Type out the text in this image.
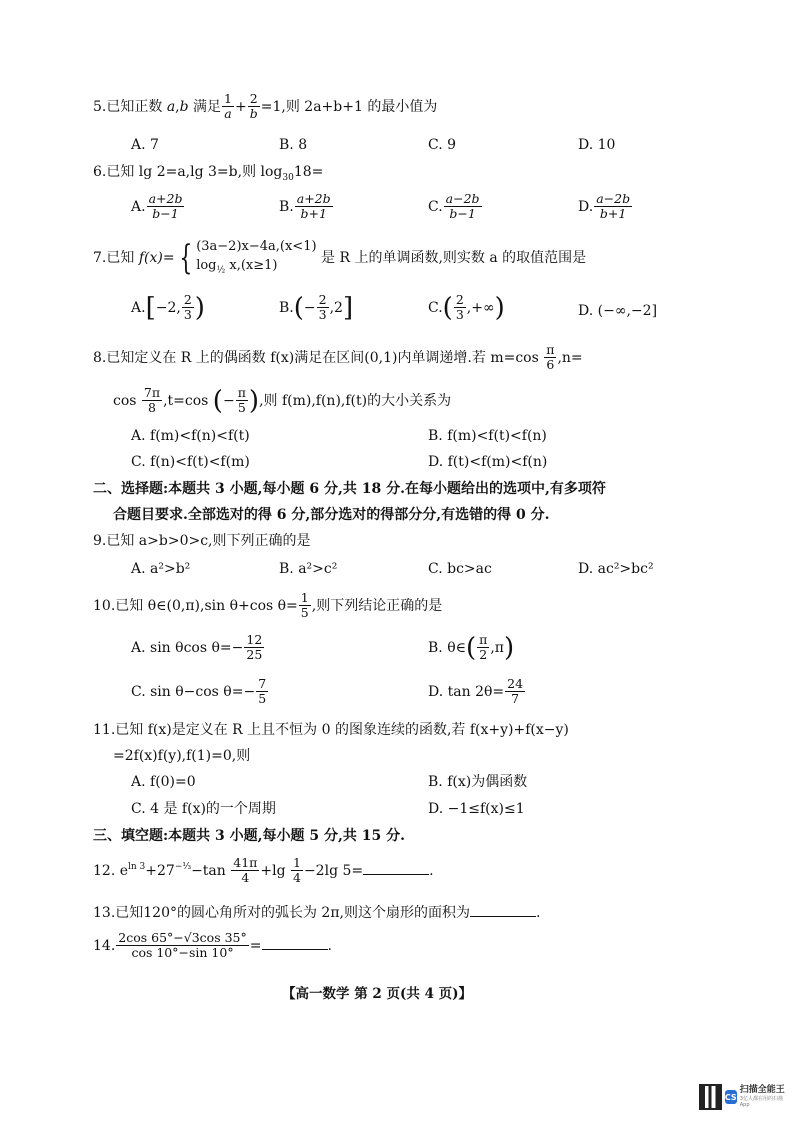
5.已知正数 a,b 满足 $\frac{1}{a} + \frac{2}{b} =1$,则 2a+b+1 的最小值为
A. 7	B. 8	C. 9	D. 10
6.已知 lg 2=a,lg 3=b,则 $\log_{30}18=$
A. $\frac{a+2b}{b-1}$	B. $\frac{a+2b}{b+1}$	C. $\frac{a-2b}{b-1}$	D. $\frac{a-2b}{b+1}$
7.已知 f(x)= { (3a−2)x−4a,(x<1)
$\log_{\frac{1}{2}} x,(x\ge 1)$	是 R 上的单调函数,则实数 a 的取值范围是
A.[−2, $\frac{2}{3}$ )	$B.(- \frac{2}{3} ,2]$	$C.( \frac{2}{3}$ ,+∞)	D. (−∞,−2]
8.已知定义在 R 上的偶函数 f(x)满足在区间(0,1)内单调递增.若 $m=\cos \frac{\pi}{6} ,n=$
$\cos \frac{7\pi}{8} ,t=\cos$ (− $\frac{\pi}{5}$ ),则 f(m),f(n),f(t)的大小关系为
A. f(m)<f(n)<f(t)	B. f(m)<f(t)<f(n)
C. f(n)<f(t)<f(m)	D. f(t)<f(m)<f(n)
二、选择题:本题共 3 小题,每小题 6 分,共 18 分.在每小题给出的选项中,有多项符
合题目要求.全部选对的得 6 分,部分选对的得部分分,有选错的得 0 分.
9.已知 a>b>0>c,则下列正确的是
A. a²>b²	B. a²>c²	C. bc>ac	D. ac²>bc²
10.已知 θ∈(0,π),sin θ+cos $\theta= \frac{1}{5}$ ,则下列结论正确的是
A. sin θcos $\theta=- \frac{12}{25}$	B. θ∈( $\frac{\pi}{2} ,\pi$)
C. sin θ−cos $\theta=- \frac{7}{5}$	D. $\tan 2\theta= \frac{24}{7}$
11.已知 f(x)是定义在 R 上且不恒为 0 的图象连续的函数,若 f(x+y)+f(x−y)
=2f(x)f(y),f(1)=0,则
A. f(0)=0	B. f(x)为偶函数
C. 4 是 f(x)的一个周期	D. −1≤f(x)≤1
三、填空题:本题共 3 小题,每小题 5 分,共 15 分.
12. $e^{ln 3}+27^{-\frac{1}{3}}-\tan \frac{41\pi}{4} +\lg \frac{1}{4} -2\lg$ 5=	.
13.已知120°的圆心角所对的弧长为 2π,则这个扇形的面积为	.
14. $\frac{2\cos 65^\circ-√3\cos 35^\circ}{\cos 10^\circ-\sin 10^\circ}$ =	.
【高一数学 第 2 页(共 4 页)】
CS
扫描全能王
3亿人都在用的扫描App
